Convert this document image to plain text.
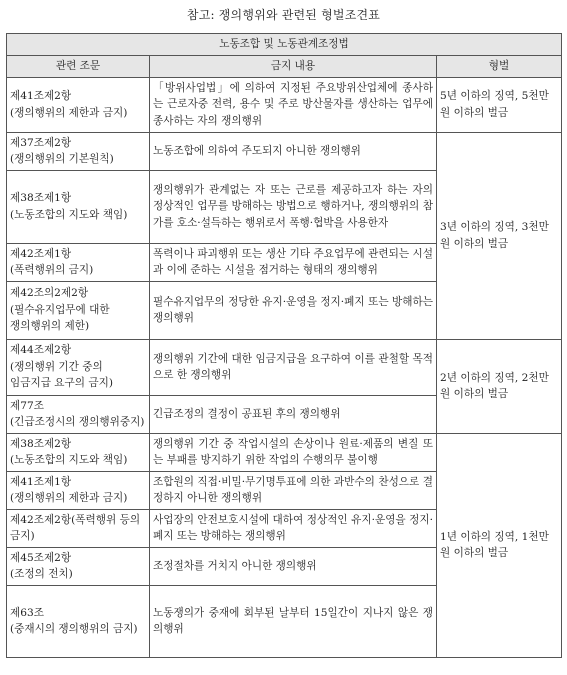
참고: 쟁의행위와 관련된 형벌조견표
노동조합 및 노동관계조정법		
관련 조문	금지 내용	형벌
제41조제2항
(쟁의행위의 제한과 금지)	「방위사업법」에 의하여 지정된 주요방위산업체에 종사하는 근로자중 전력, 용수 및 주로 방산물자를 생산하는 업무에 종사하는 자의 쟁의행위	5년 이하의 징역, 5천만원 이하의 벌금
제37조제2항
(쟁의행위의 기본원칙)	노동조합에 의하여 주도되지 아니한 쟁의행위	3년 이하의 징역, 3천만원 이하의 벌금
제38조제1항
(노동조합의 지도와 책임)	쟁의행위가 관계없는 자 또는 근로를 제공하고자 하는 자의 정상적인 업무를 방해하는 방법으로 행하거나, 쟁의행위의 참가를 호소·설득하는 행위로서 폭행·협박을 사용한자	
제42조제1항
(폭력행위의 금지)	폭력이나 파괴행위 또는 생산 기타 주요업무에 관련되는 시설과 이에 준하는 시설을 점거하는 형태의 쟁의행위	
제42조의2제2항
(필수유지업무에 대한 쟁의행위의 제한)	필수유지업무의 정당한 유지·운영을 정지·폐지 또는 방해하는 쟁의행위	
제44조제2항
(쟁의행위 기간 중의 임금지급 요구의 금지)	쟁의행위 기간에 대한 임금지급을 요구하여 이를 관철할 목적으로 한 쟁의행위	2년 이하의 징역, 2천만원 이하의 벌금
제77조
(긴급조정시의 쟁의행위중지)	긴급조정의 결정이 공표된 후의 쟁의행위	
제38조제2항
(노동조합의 지도와 책임)	쟁의행위 기간 중 작업시설의 손상이나 원료·제품의 변질 또는 부패를 방지하기 위한 작업의 수행의무 불이행	1년 이하의 징역, 1천만원 이하의 벌금
제41조제1항
(쟁의행위의 제한과 금지)	조합원의 직접·비밀·무기명투표에 의한 과반수의 찬성으로 결정하지 아니한 쟁의행위	
제42조제2항(폭력행위 등의 금지)	사업장의 안전보호시설에 대하여 정상적인 유지·운영을 정지·폐지 또는 방해하는 쟁의행위	
제45조제2항
(조정의 전치)	조정절차를 거치지 아니한 쟁의행위	
제63조
(중재시의 쟁의행위의 금지)	노동쟁의가 중재에 회부된 날부터 15일간이 지나지 않은 쟁의행위	
